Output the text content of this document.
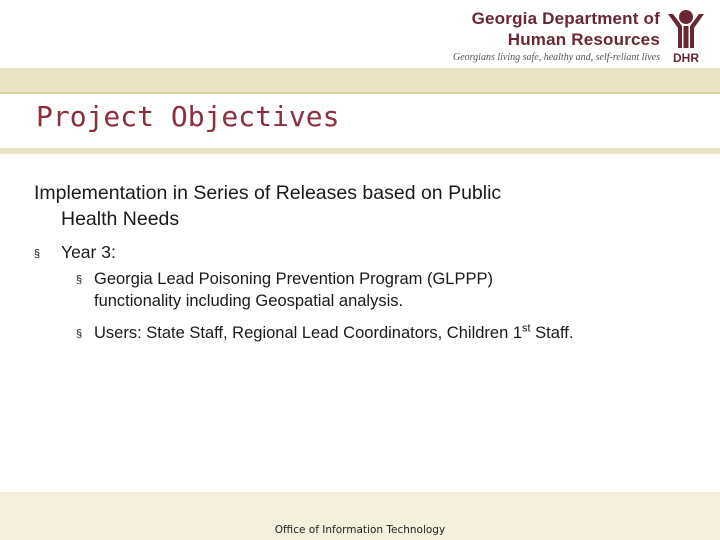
Georgia Department of
Human Resources
Georgians living safe, healthy and, self-reliant lives DHR
Project Objectives
Implementation in Series of Releases based on Public
Health Needs
§ Year 3:
§ Georgia Lead Poisoning Prevention Program (GLPPP)
functionality including Geospatial analysis.
§ Users: State Staff, Regional Lead Coordinators, Children 1st Staff.
Office of Information Technology
